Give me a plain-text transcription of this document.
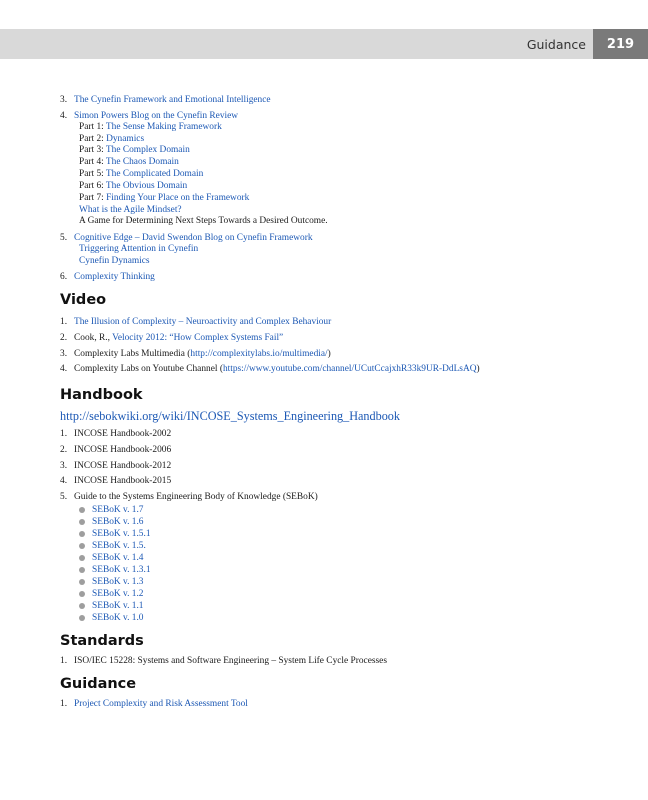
Guidance	219
3. The Cynefin Framework and Emotional Intelligence
4. Simon Powers Blog on the Cynefin Review
Part 1: The Sense Making Framework
Part 2: Dynamics
Part 3: The Complex Domain
Part 4: The Chaos Domain
Part 5: The Complicated Domain
Part 6: The Obvious Domain
Part 7: Finding Your Place on the Framework
What is the Agile Mindset?
A Game for Determining Next Steps Towards a Desired Outcome.
5. Cognitive Edge – David Swendon Blog on Cynefin Framework
Triggering Attention in Cynefin
Cynefin Dynamics
6. Complexity Thinking
Video
1. The Illusion of Complexity – Neuroactivity and Complex Behaviour
2. Cook, R., Velocity 2012: “How Complex Systems Fail”
3. Complexity Labs Multimedia (http://complexitylabs.io/multimedia/)
4. Complexity Labs on Youtube Channel (https://www.youtube.com/channel/UCutCcajxhR33k9UR-DdLsAQ)
Handbook
http://sebokwiki.org/wiki/INCOSE_Systems_Engineering_Handbook
1. INCOSE Handbook-2002
2. INCOSE Handbook-2006
3. INCOSE Handbook-2012
4. INCOSE Handbook-2015
5. Guide to the Systems Engineering Body of Knowledge (SEBoK)
SEBoK v. 1.7
SEBoK v. 1.6
SEBoK v. 1.5.1
SEBoK v. 1.5.
SEBoK v. 1.4
SEBoK v. 1.3.1
SEBoK v. 1.3
SEBoK v. 1.2
SEBoK v. 1.1
SEBoK v. 1.0
Standards
1. ISO/IEC 15228: Systems and Software Engineering – System Life Cycle Processes
Guidance
1. Project Complexity and Risk Assessment Tool
